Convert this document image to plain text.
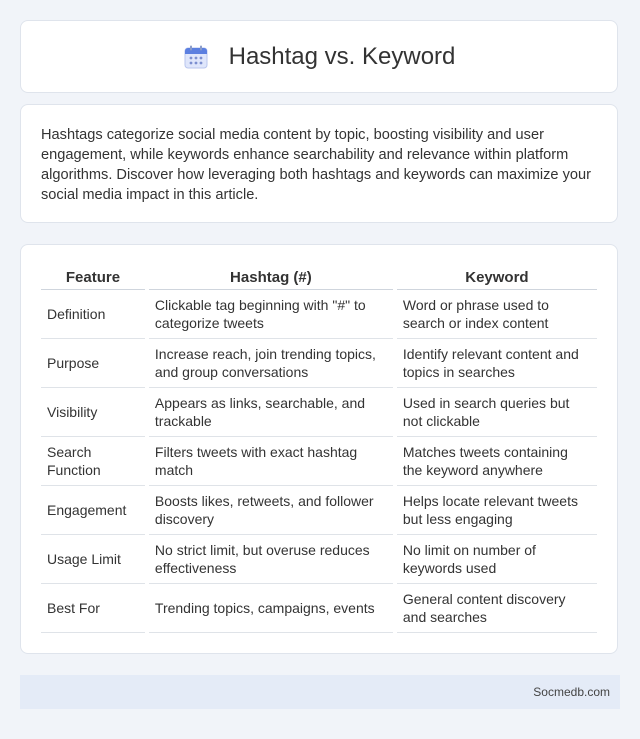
Hashtag vs. Keyword

Hashtags categorize social media content by topic, boosting visibility and user engagement, while keywords enhance searchability and relevance within platform algorithms. Discover how leveraging both hashtags and keywords can maximize your social media impact in this article.

Feature	Hashtag (#)	Keyword
Definition	Clickable tag beginning with "#" to categorize tweets	Word or phrase used to search or index content
Purpose	Increase reach, join trending topics, and group conversations	Identify relevant content and topics in searches
Visibility	Appears as links, searchable, and trackable	Used in search queries but not clickable
Search Function	Filters tweets with exact hashtag match	Matches tweets containing the keyword anywhere
Engagement	Boosts likes, retweets, and follower discovery	Helps locate relevant tweets but less engaging
Usage Limit	No strict limit, but overuse reduces effectiveness	No limit on number of keywords used
Best For	Trending topics, campaigns, events	General content discovery and searches
Socmedb.com
